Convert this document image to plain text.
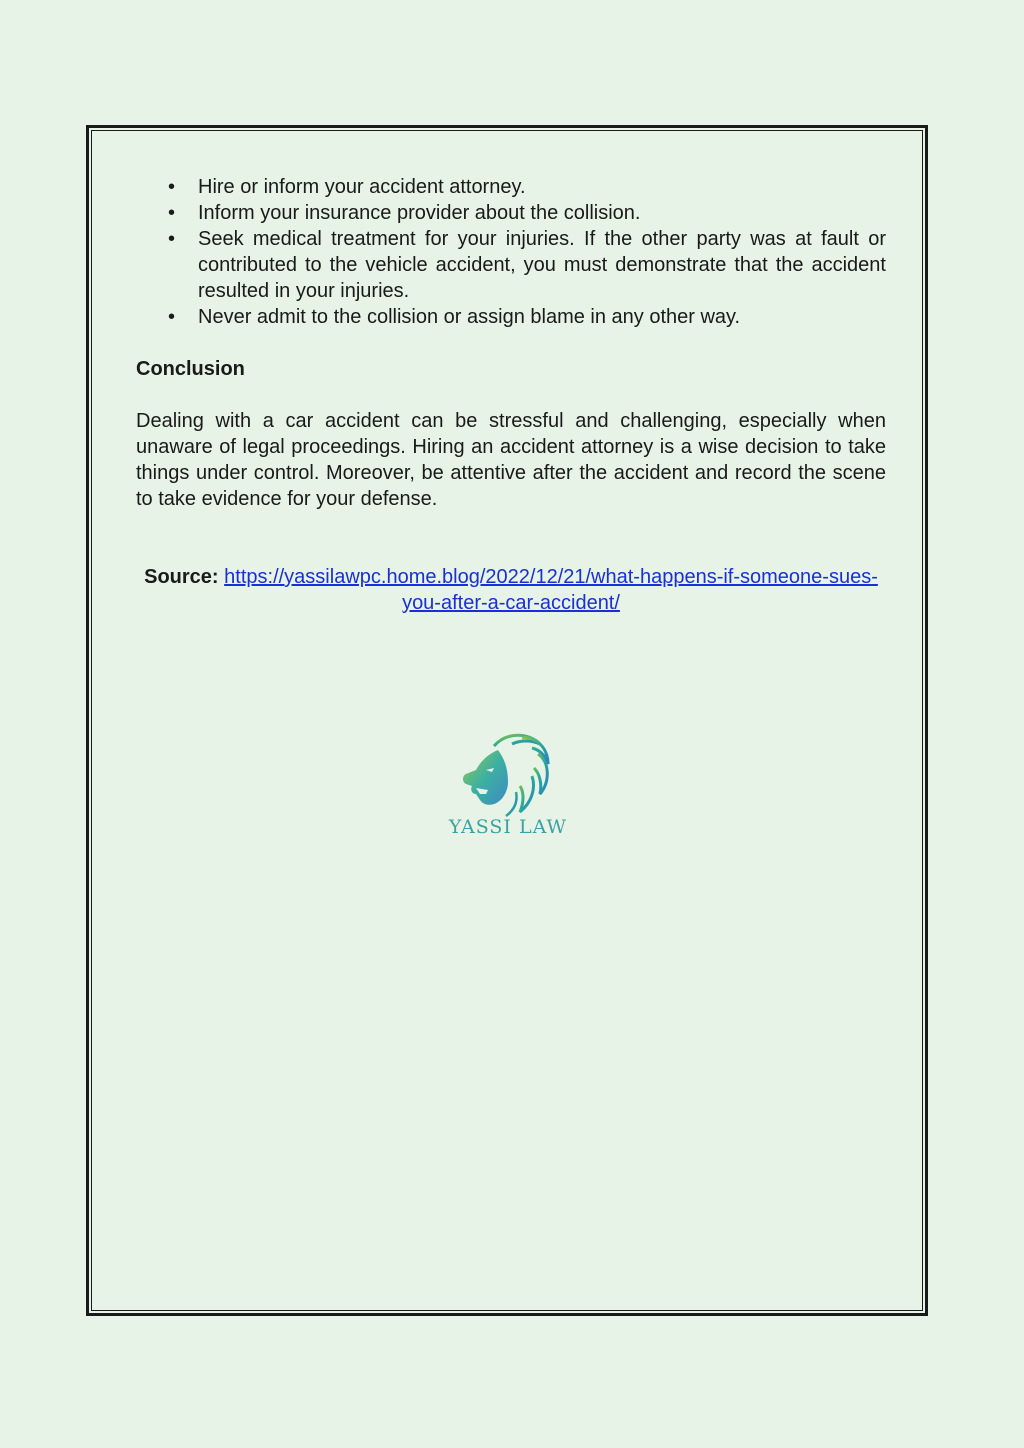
• Hire or inform your accident attorney.
• Inform your insurance provider about the collision.
• Seek medical treatment for your injuries. If the other party was at fault or contributed to the vehicle accident, you must demonstrate that the accident resulted in your injuries.
• Never admit to the collision or assign blame in any other way.
Conclusion
Dealing with a car accident can be stressful and challenging, especially when unaware of legal proceedings. Hiring an accident attorney is a wise decision to take things under control. Moreover, be attentive after the accident and record the scene to take evidence for your defense.
Source: https://yassilawpc.home.blog/2022/12/21/what-happens-if-someone-sues-you-after-a-car-accident/
YASSI LAW
